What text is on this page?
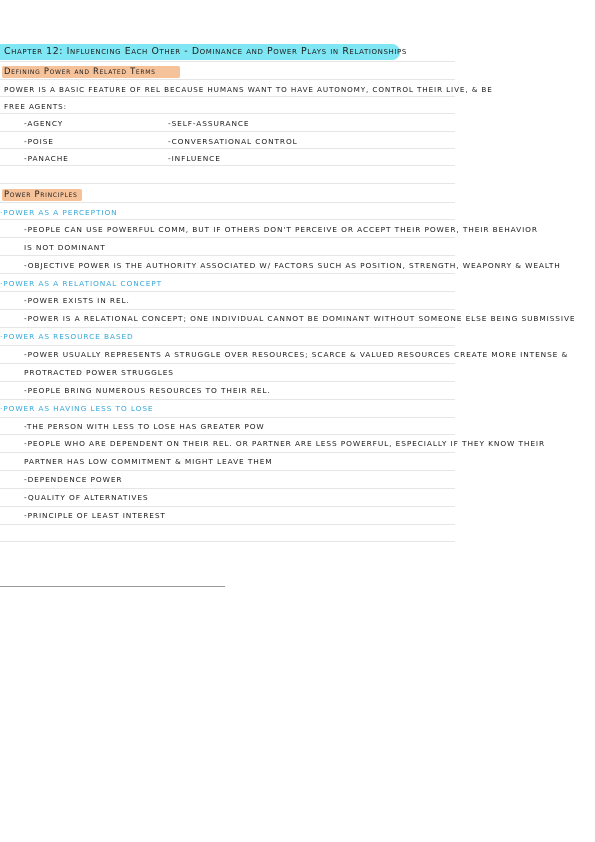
Chapter 12: Influencing Each Other - Dominance and Power Plays in Relationships
Defining Power and Related Terms
POWER IS A BASIC FEATURE OF REL BECAUSE HUMANS WANT TO HAVE AUTONOMY, CONTROL THEIR LIVE, & BE
FREE AGENTS:
-AGENCY
-POISE
-PANACHE
-SELF-ASSURANCE
-CONVERSATIONAL CONTROL
-INFLUENCE
Power Principles
·POWER AS A PERCEPTION
-PEOPLE CAN USE POWERFUL COMM, BUT IF OTHERS DON'T PERCEIVE OR ACCEPT THEIR POWER, THEIR BEHAVIOR
IS NOT DOMINANT
-OBJECTIVE POWER IS THE AUTHORITY ASSOCIATED W/ FACTORS SUCH AS POSITION, STRENGTH, WEAPONRY & WEALTH
·POWER AS A RELATIONAL CONCEPT
-POWER EXISTS IN REL.
-POWER IS A RELATIONAL CONCEPT; ONE INDIVIDUAL CANNOT BE DOMINANT WITHOUT SOMEONE ELSE BEING SUBMISSIVE
·POWER AS RESOURCE BASED
-POWER USUALLY REPRESENTS A STRUGGLE OVER RESOURCES; SCARCE & VALUED RESOURCES CREATE MORE INTENSE &
PROTRACTED POWER STRUGGLES
-PEOPLE BRING NUMEROUS RESOURCES TO THEIR REL.
·POWER AS HAVING LESS TO LOSE
-THE PERSON WITH LESS TO LOSE HAS GREATER POW
-PEOPLE WHO ARE DEPENDENT ON THEIR REL. OR PARTNER ARE LESS POWERFUL, ESPECIALLY IF THEY KNOW THEIR
PARTNER HAS LOW COMMITMENT & MIGHT LEAVE THEM
-DEPENDENCE POWER
-QUALITY OF ALTERNATIVES
-PRINCIPLE OF LEAST INTEREST
